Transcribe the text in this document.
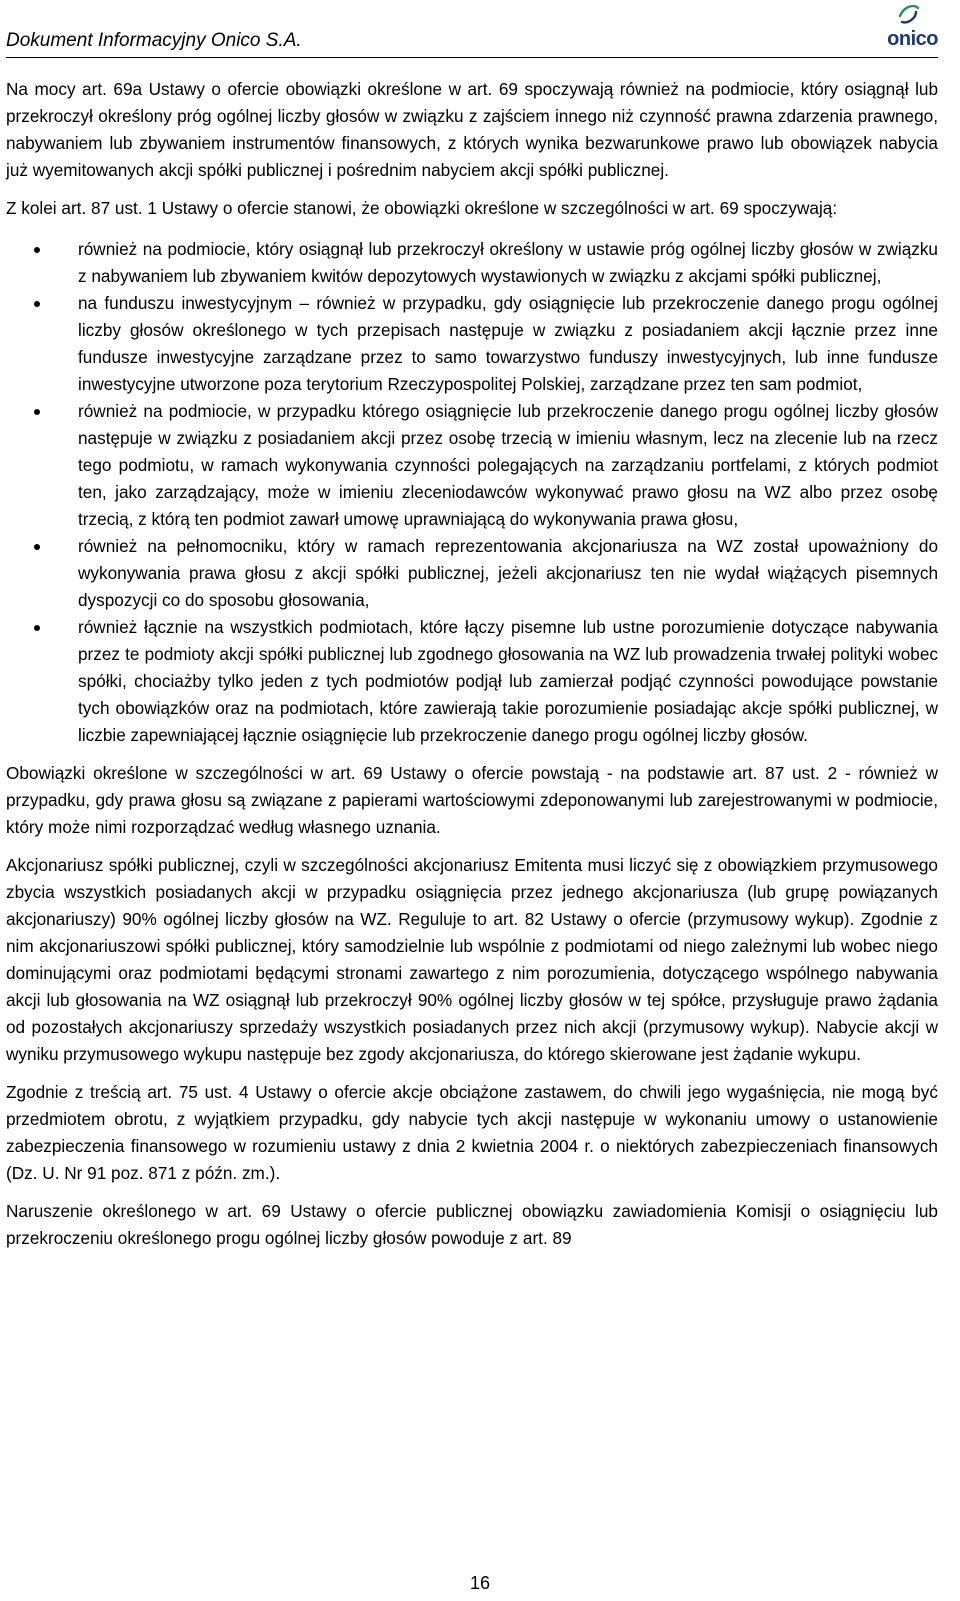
Dokument Informacyjny Onico S.A.	onico

Na mocy art. 69a Ustawy o ofercie obowiązki określone w art. 69 spoczywają również na podmiocie, który osiągnął lub przekroczył określony próg ogólnej liczby głosów w związku z zajściem innego niż czynność prawna zdarzenia prawnego, nabywaniem lub zbywaniem instrumentów finansowych, z których wynika bezwarunkowe prawo lub obowiązek nabycia już wyemitowanych akcji spółki publicznej i pośrednim nabyciem akcji spółki publicznej.

Z kolei art. 87 ust. 1 Ustawy o ofercie stanowi, że obowiązki określone w szczególności w art. 69 spoczywają:

również na podmiocie, który osiągnął lub przekroczył określony w ustawie próg ogólnej liczby głosów w związku z nabywaniem lub zbywaniem kwitów depozytowych wystawionych w związku z akcjami spółki publicznej,
na funduszu inwestycyjnym – również w przypadku, gdy osiągnięcie lub przekroczenie danego progu ogólnej liczby głosów określonego w tych przepisach następuje w związku z posiadaniem akcji łącznie przez inne fundusze inwestycyjne zarządzane przez to samo towarzystwo funduszy inwestycyjnych, lub inne fundusze inwestycyjne utworzone poza terytorium Rzeczypospolitej Polskiej, zarządzane przez ten sam podmiot,
również na podmiocie, w przypadku którego osiągnięcie lub przekroczenie danego progu ogólnej liczby głosów następuje w związku z posiadaniem akcji przez osobę trzecią w imieniu własnym, lecz na zlecenie lub na rzecz tego podmiotu, w ramach wykonywania czynności polegających na zarządzaniu portfelami, z których podmiot ten, jako zarządzający, może w imieniu zleceniodawców wykonywać prawo głosu na WZ albo przez osobę trzecią, z którą ten podmiot zawarł umowę uprawniającą do wykonywania prawa głosu,
również na pełnomocniku, który w ramach reprezentowania akcjonariusza na WZ został upoważniony do wykonywania prawa głosu z akcji spółki publicznej, jeżeli akcjonariusz ten nie wydał wiążących pisemnych dyspozycji co do sposobu głosowania,
również łącznie na wszystkich podmiotach, które łączy pisemne lub ustne porozumienie dotyczące nabywania przez te podmioty akcji spółki publicznej lub zgodnego głosowania na WZ lub prowadzenia trwałej polityki wobec spółki, chociażby tylko jeden z tych podmiotów podjął lub zamierzał podjąć czynności powodujące powstanie tych obowiązków oraz na podmiotach, które zawierają takie porozumienie posiadając akcje spółki publicznej, w liczbie zapewniającej łącznie osiągnięcie lub przekroczenie danego progu ogólnej liczby głosów.

Obowiązki określone w szczególności w art. 69 Ustawy o ofercie powstają - na podstawie art. 87 ust. 2 - również w przypadku, gdy prawa głosu są związane z papierami wartościowymi zdeponowanymi lub zarejestrowanymi w podmiocie, który może nimi rozporządzać według własnego uznania.

Akcjonariusz spółki publicznej, czyli w szczególności akcjonariusz Emitenta musi liczyć się z obowiązkiem przymusowego zbycia wszystkich posiadanych akcji w przypadku osiągnięcia przez jednego akcjonariusza (lub grupę powiązanych akcjonariuszy) 90% ogólnej liczby głosów na WZ. Reguluje to art. 82 Ustawy o ofercie (przymusowy wykup). Zgodnie z nim akcjonariuszowi spółki publicznej, który samodzielnie lub wspólnie z podmiotami od niego zależnymi lub wobec niego dominującymi oraz podmiotami będącymi stronami zawartego z nim porozumienia, dotyczącego wspólnego nabywania akcji lub głosowania na WZ osiągnął lub przekroczył 90% ogólnej liczby głosów w tej spółce, przysługuje prawo żądania od pozostałych akcjonariuszy sprzedaży wszystkich posiadanych przez nich akcji (przymusowy wykup). Nabycie akcji w wyniku przymusowego wykupu następuje bez zgody akcjonariusza, do którego skierowane jest żądanie wykupu.

Zgodnie z treścią art. 75 ust. 4 Ustawy o ofercie akcje obciążone zastawem, do chwili jego wygaśnięcia, nie mogą być przedmiotem obrotu, z wyjątkiem przypadku, gdy nabycie tych akcji następuje w wykonaniu umowy o ustanowienie zabezpieczenia finansowego w rozumieniu ustawy z dnia 2 kwietnia 2004 r. o niektórych zabezpieczeniach finansowych (Dz. U. Nr 91 poz. 871 z późn. zm.).

Naruszenie określonego w art. 69 Ustawy o ofercie publicznej obowiązku zawiadomienia Komisji o osiągnięciu lub przekroczeniu określonego progu ogólnej liczby głosów powoduje z art. 89

16
